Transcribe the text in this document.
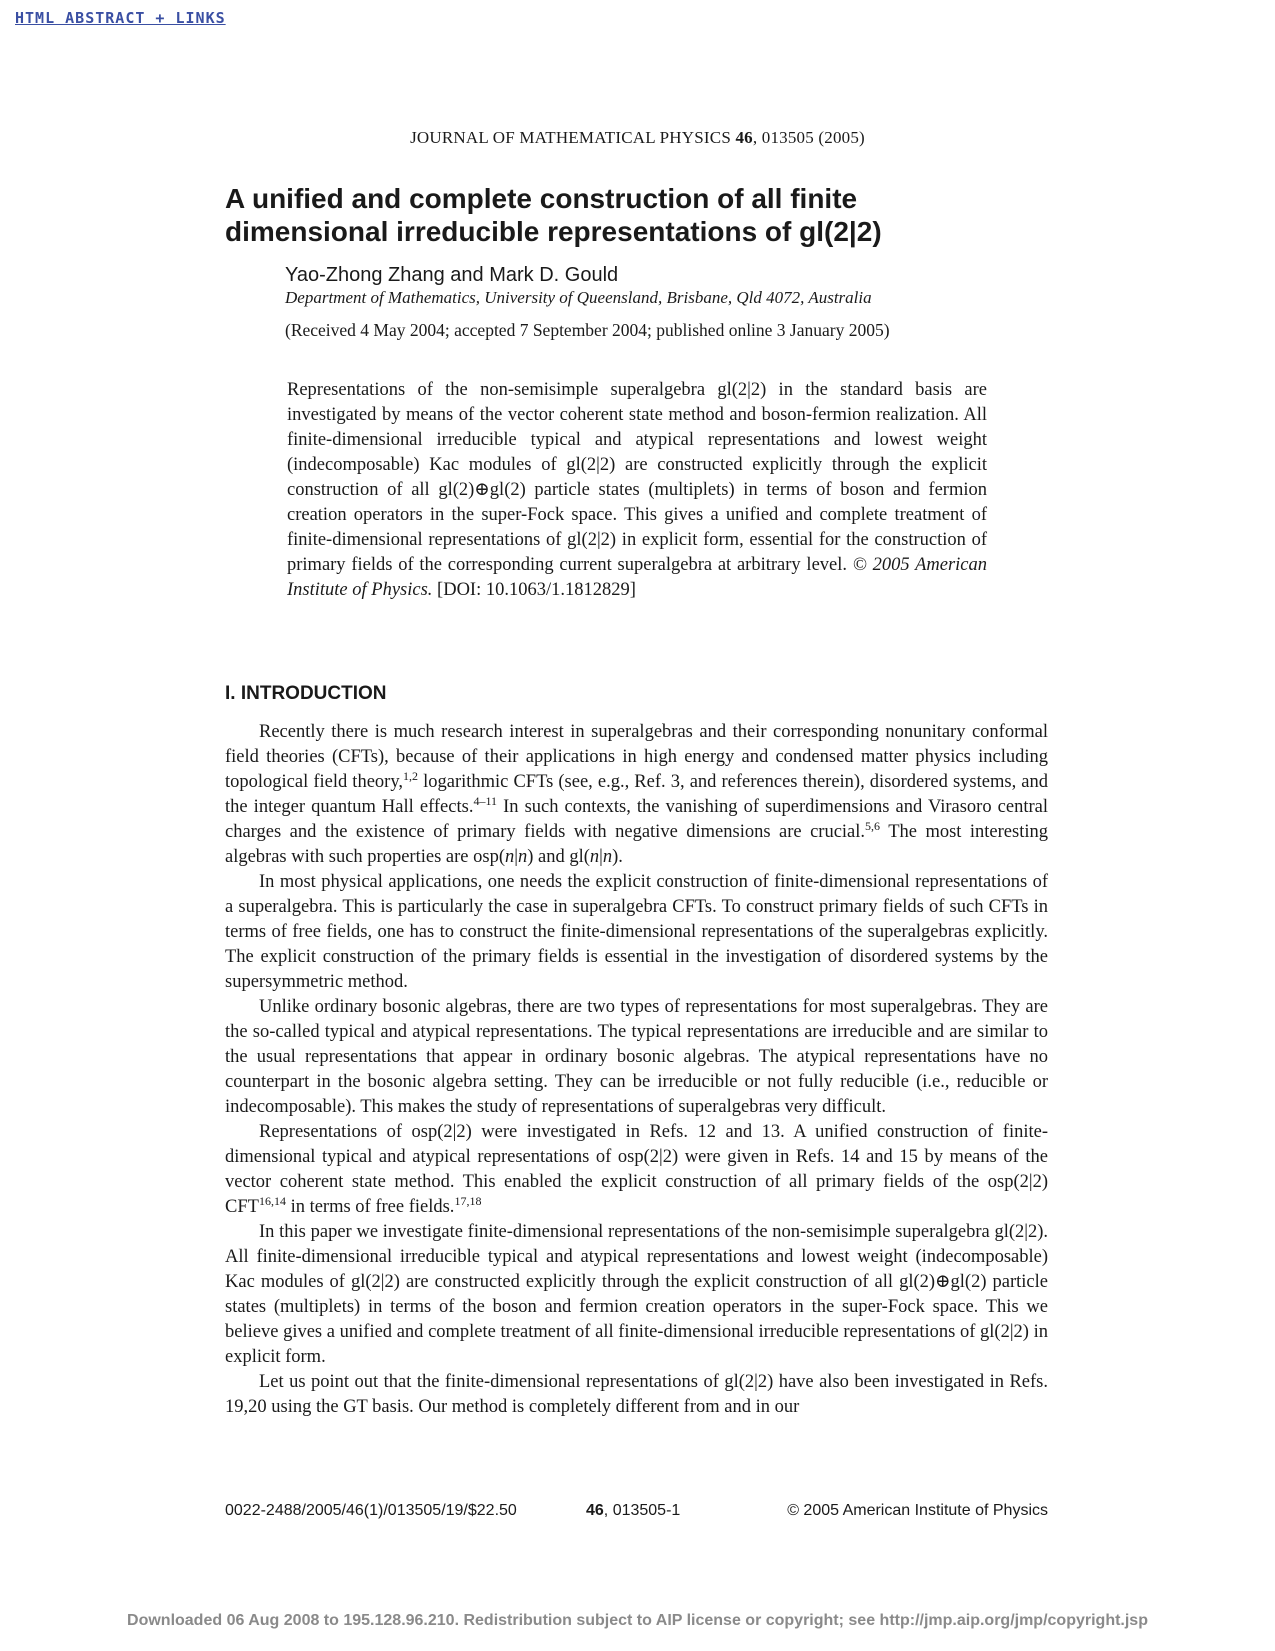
HTML ABSTRACT + LINKS
JOURNAL OF MATHEMATICAL PHYSICS 46, 013505 (2005)
A unified and complete construction of all finite
dimensional irreducible representations of gl(2|2)
Yao-Zhong Zhang and Mark D. Gould
Department of Mathematics, University of Queensland, Brisbane, Qld 4072, Australia
(Received 4 May 2004; accepted 7 September 2004; published online 3 January 2005)
Representations of the non-semisimple superalgebra gl(2|2) in the standard basis are investigated by means of the vector coherent state method and boson-fermion realization. All finite-dimensional irreducible typical and atypical representations and lowest weight (indecomposable) Kac modules of gl(2|2) are constructed explicitly through the explicit construction of all gl(2)⊕gl(2) particle states (multiplets) in terms of boson and fermion creation operators in the super-Fock space. This gives a unified and complete treatment of finite-dimensional representations of gl(2|2) in explicit form, essential for the construction of primary fields of the corresponding current superalgebra at arbitrary level. © 2005 American Institute of Physics. [DOI: 10.1063/1.1812829]
I. INTRODUCTION

Recently there is much research interest in superalgebras and their corresponding nonunitary conformal field theories (CFTs), because of their applications in high energy and condensed matter physics including topological field theory,$^{1,2}$ logarithmic CFTs (see, e.g., Ref. 3, and references therein), disordered systems, and the integer quantum Hall effects.$^{4-11}$ In such contexts, the vanishing of superdimensions and Virasoro central charges and the existence of primary fields with negative dimensions are crucial.$^{5,6}$ The most interesting algebras with such properties are osp(n|n) and gl(n|n).

In most physical applications, one needs the explicit construction of finite-dimensional representations of a superalgebra. This is particularly the case in superalgebra CFTs. To construct primary fields of such CFTs in terms of free fields, one has to construct the finite-dimensional representations of the superalgebras explicitly. The explicit construction of the primary fields is essential in the investigation of disordered systems by the supersymmetric method.

Unlike ordinary bosonic algebras, there are two types of representations for most superalgebras. They are the so-called typical and atypical representations. The typical representations are irreducible and are similar to the usual representations that appear in ordinary bosonic algebras. The atypical representations have no counterpart in the bosonic algebra setting. They can be irreducible or not fully reducible (i.e., reducible or indecomposable). This makes the study of representations of superalgebras very difficult.

Representations of osp(2|2) were investigated in Refs. 12 and 13. A unified construction of finite-dimensional typical and atypical representations of osp(2|2) were given in Refs. 14 and 15 by means of the vector coherent state method. This enabled the explicit construction of all primary fields of the osp(2|2) CFT$^{16,14}$ in terms of free fields.$^{17,18}$

In this paper we investigate finite-dimensional representations of the non-semisimple superalgebra gl(2|2). All finite-dimensional irreducible typical and atypical representations and lowest weight (indecomposable) Kac modules of gl(2|2) are constructed explicitly through the explicit construction of all gl(2)⊕gl(2) particle states (multiplets) in terms of the boson and fermion creation operators in the super-Fock space. This we believe gives a unified and complete treatment of all finite-dimensional irreducible representations of gl(2|2) in explicit form.

Let us point out that the finite-dimensional representations of gl(2|2) have also been investigated in Refs. 19,20 using the GT basis. Our method is completely different from and in our

0022-2488/2005/46(1)/013505/19/$22.50	46, 013505-1	© 2005 American Institute of Physics
Downloaded 06 Aug 2008 to 195.128.96.210. Redistribution subject to AIP license or copyright; see http://jmp.aip.org/jmp/copyright.jsp
